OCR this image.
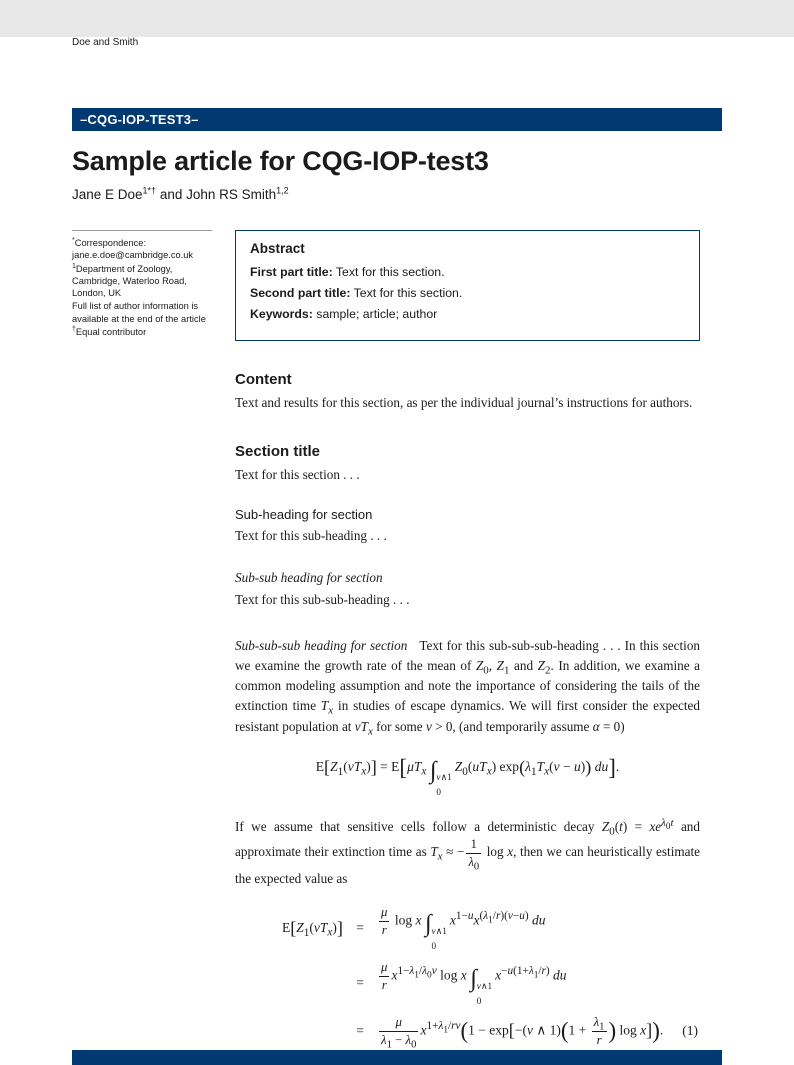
Doe and Smith
–CQG-IOP-TEST3–
Sample article for CQG-IOP-test3
Jane E Doe$^{1*\dagger}$ and John RS Smith$^{1,2}$
*Correspondence:
jane.e.doe@cambridge.co.uk
$^1$Department of Zoology,
Cambridge, Waterloo Road,
London, UK
Full list of author information is
available at the end of the article
†Equal contributor
Abstract
First part title: Text for this section.
Second part title: Text for this section.
Keywords: sample; article; author
Content
Text and results for this section, as per the individual journal’s instructions for authors.
Section title
Text for this section . . .
Sub-heading for section
Text for this sub-heading . . .
Sub-sub heading for section
Text for this sub-sub-heading . . .
Sub-sub-sub heading for section Text for this sub-sub-sub-heading . . . In this section we examine the growth rate of the mean of $Z_0$, $Z_1$ and $Z_2$. In addition, we examine a common modeling assumption and note the importance of considering the tails of the extinction time $T_x$ in studies of escape dynamics. We will first consider the expected resistant population at $vT_x$ for some v > 0, (and temporarily assume α = 0)
$E[Z_1(vT_x)] = E[\mu T_x$ ∫ v∧1
0
$Z_0(uT_x) \exp(\lambda_1T_x(v - u))$ du].
If we assume that sensitive cells follow a deterministic decay $Z_0(t) = xe^{\lambda_0t}$ and approximate their extinction time as $T_x$ ≈ − $\frac{1}{\lambda_0}$ log x, then we can heuristically estimate the expected value as
$E[Z_1(vT_x)]$ =	$\frac{\mu}{r}$ log x ∫ v∧1
0
$x^{1-u}x^{(\lambda_1/r)(v-u)}$ du
=	$\frac{\mu}{r} x^{1-\lambda_1/\lambda_0v}$ log x ∫ v∧1
0
$x^{-u(1+\lambda_1/r)}$ du
=	$\frac{\mu}{\lambda_1 - \lambda_0} x^{1+\lambda_1/rv}(1 - \exp[-(v$ ∧ $1)(1 + \frac{\lambda_1}{r}$ ) log x]).	(1)
